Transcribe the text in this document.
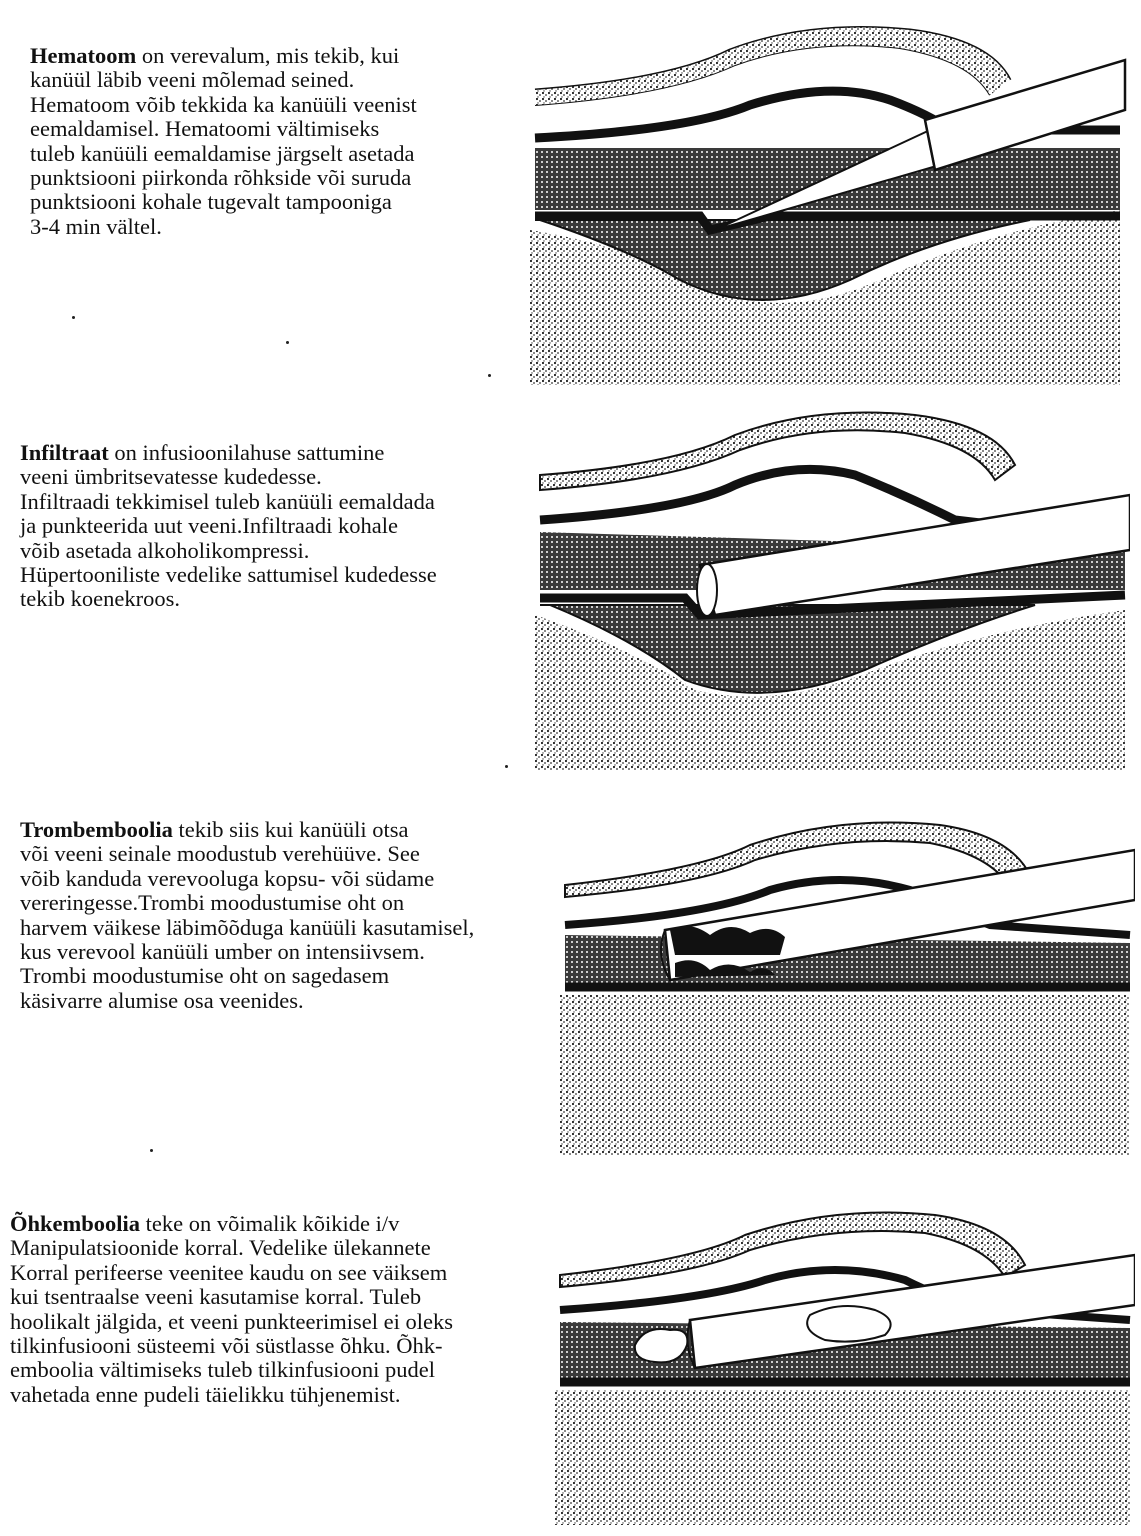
Hematoom on verevalum, mis tekib, kui
kanüül läbib veeni mõlemad seined.
Hematoom võib tekkida ka kanüüli veenist
eemaldamisel. Hematoomi vältimiseks
tuleb kanüüli eemaldamise järgselt asetada
punktsiooni piirkonda rõhkside või suruda
punktsiooni kohale tugevalt tampooniga
3-4 min vältel.
Infiltraat on infusioonilahuse sattumine
veeni ümbritsevatesse kudedesse.
Infiltraadi tekkimisel tuleb kanüüli eemaldada
ja punkteerida uut veeni.Infiltraadi kohale
võib asetada alkoholikompressi.
Hüpertooniliste vedelike sattumisel kudedesse
tekib koenekroos.
Trombemboolia tekib siis kui kanüüli otsa
või veeni seinale moodustub verehüüve. See
võib kanduda verevooluga kopsu- või südame
vereringesse.Trombi moodustumise oht on
harvem väikese läbimõõduga kanüüli kasutamisel,
kus verevool kanüüli umber on intensiivsem.
Trombi moodustumise oht on sagedasem
käsivarre alumise osa veenides.
Õhkemboolia teke on võimalik kõikide i/v
Manipulatsioonide korral. Vedelike ülekannete
Korral perifeerse veenitee kaudu on see väiksem
kui tsentraalse veeni kasutamise korral. Tuleb
hoolikalt jälgida, et veeni punkteerimisel ei oleks
tilkinfusiooni süsteemi või süstlasse õhku. Õhk-
emboolia vältimiseks tuleb tilkinfusiooni pudel
vahetada enne pudeli täielikku tühjenemist.
